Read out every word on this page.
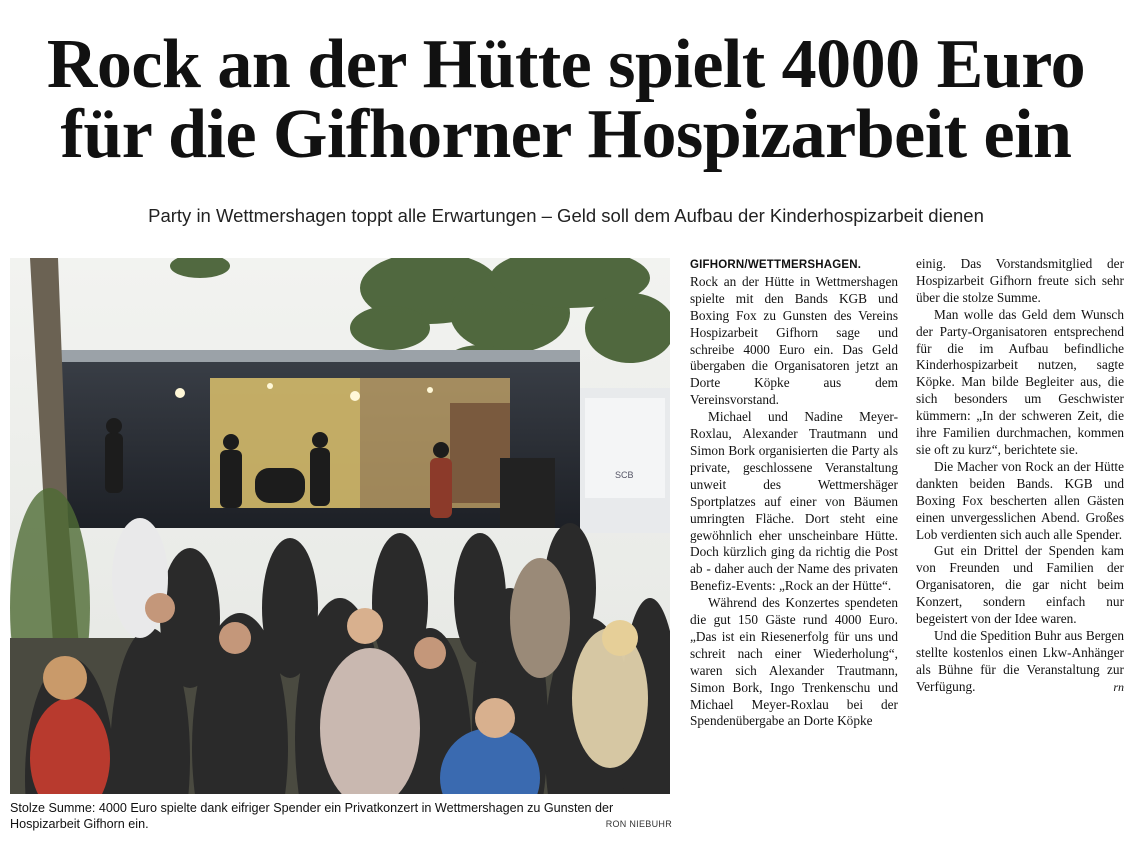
Rock an der Hütte spielt 4000 Euro
für die Gifhorner Hospizarbeit ein
Party in Wettmershagen toppt alle Erwartungen – Geld soll dem Aufbau der Kinderhospizarbeit dienen
SCB
Stolze Summe: 4000 Euro spielte dank eifriger Spender ein Privatkonzert in Wettmershagen zu Gunsten der Hospizarbeit Gifhorn ein.	RON NIEBUHR

GIFHORN/WETTMERSHAGEN.
Rock an der Hütte in Wettmershagen spielte mit den Bands KGB und Boxing Fox zu Gunsten des Vereins Hospizarbeit Gifhorn sage und schreibe 4000 Euro ein. Das Geld übergaben die Organisatoren jetzt an Dorte Köpke aus dem Vereinsvorstand.

Michael und Nadine Meyer-Roxlau, Alexander Trautmann und Simon Bork organisierten die Party als private, geschlossene Veranstaltung unweit des Wettmershäger Sportplatzes auf einer von Bäumen umringten Fläche. Dort steht eine gewöhnlich eher unscheinbare Hütte. Doch kürzlich ging da richtig die Post ab - daher auch der Name des privaten Benefiz-Events: „Rock an der Hütte“.

Während des Konzertes spendeten die gut 150 Gäste rund 4000 Euro. „Das ist ein Riesenerfolg für uns und schreit nach einer Wiederholung“, waren sich Alexander Trautmann, Simon Bork, Ingo Trenkenschu und Michael Meyer-Roxlau bei der Spendenübergabe an Dorte Köpke

einig. Das Vorstandsmitglied der Hospizarbeit Gifhorn freute sich sehr über die stolze Summe.

Man wolle das Geld dem Wunsch der Party-Organisatoren entsprechend für die im Aufbau befindliche Kinderhospizarbeit nutzen, sagte Köpke. Man bilde Begleiter aus, die sich besonders um Geschwister kümmern: „In der schweren Zeit, die ihre Familien durchmachen, kommen sie oft zu kurz“, berichtete sie.

Die Macher von Rock an der Hütte dankten beiden Bands. KGB und Boxing Fox bescherten allen Gästen einen unvergesslichen Abend. Großes Lob verdienten sich auch alle Spender.

Gut ein Drittel der Spenden kam von Freunden und Familien der Organisatoren, die gar nicht beim Konzert, sondern einfach nur begeistert von der Idee waren.

Und die Spedition Buhr aus Bergen stellte kostenlos einen Lkw-Anhänger als Bühne für die Veranstaltung zur Verfügung.	rn
